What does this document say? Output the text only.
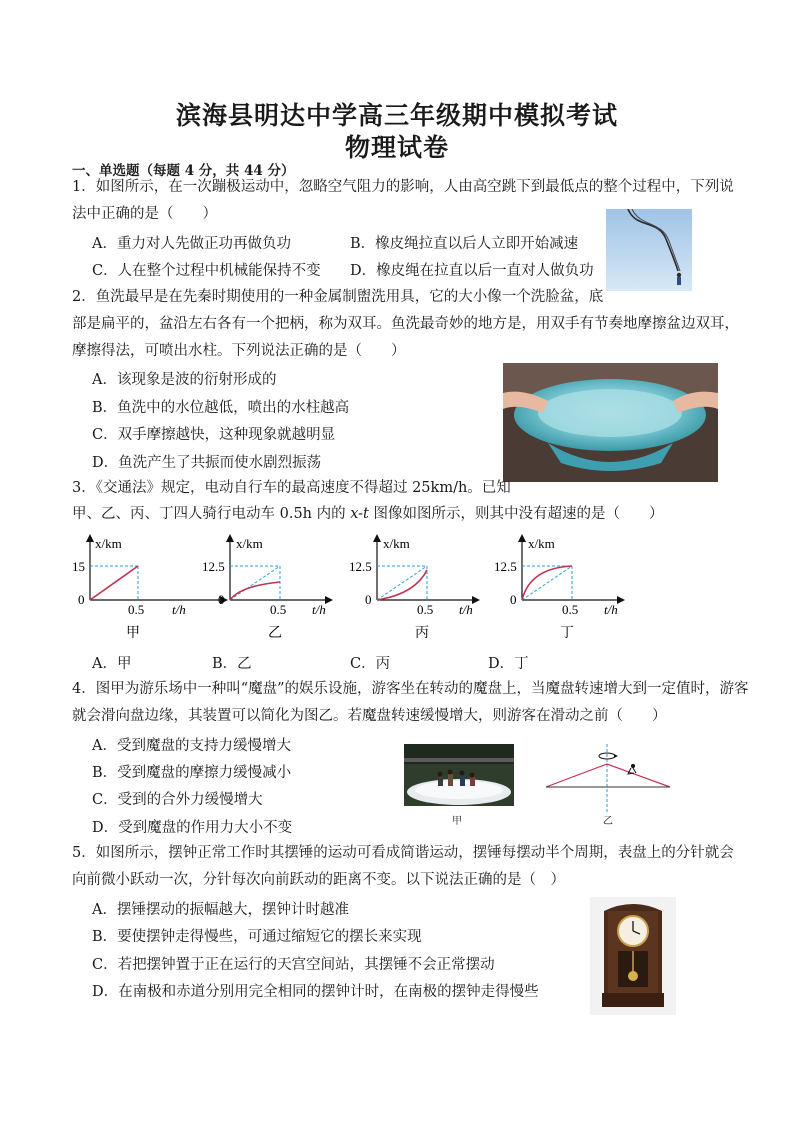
滨海县明达中学高三年级期中模拟考试
物理试卷
一、单选题（每题 4 分，共 44 分）
1．如图所示，在一次蹦极运动中，忽略空气阻力的影响，人由高空跳下到最低点的整个过程中，下列说
法中正确的是（　　）
A．重力对人先做正功再做负功	B．橡皮绳拉直以后人立即开始减速
C．人在整个过程中机械能保持不变 D．橡皮绳在拉直以后一直对人做负功
2．鱼洗最早是在先秦时期使用的一种金属制盥洗用具，它的大小像一个洗脸盆，底
部是扁平的，盆沿左右各有一个把柄，称为双耳。鱼洗最奇妙的地方是，用双手有节奏地摩擦盆边双耳，
摩擦得法，可喷出水柱。下列说法正确的是（　　）
A．该现象是波的衍射形成的
B．鱼洗中的水位越低，喷出的水柱越高
C．双手摩擦越快，这种现象就越明显
D．鱼洗产生了共振而使水剧烈振荡
3．《交通法》规定，电动自行车的最高速度不得超过 25km/h。已知
甲、乙、丙、丁四人骑行电动车 0.5h 内的 x-t 图像如图所示，则其中没有超速的是（　　）
x/km
15
0
0.5 t/h
甲
x/km
12.5
0
0.5 t/h
乙
x/km
12.5
0
0.5 t/h
丙
x/km
12.5
0
0.5 t/h
丁
A．甲	B．乙	C．丙	D．丁
4．图甲为游乐场中一种叫“魔盘”的娱乐设施，游客坐在转动的魔盘上，当魔盘转速增大到一定值时，游客
就会滑向盘边缘，其装置可以简化为图乙。若魔盘转速缓慢增大，则游客在滑动之前（　　）
A．受到魔盘的支持力缓慢增大
B．受到魔盘的摩擦力缓慢减小
C．受到的合外力缓慢增大
D．受到魔盘的作用力大小不变	甲	乙
5．如图所示，摆钟正常工作时其摆锤的运动可看成简谐运动，摆锤每摆动半个周期，表盘上的分针就会
向前微小跃动一次，分针每次向前跃动的距离不变。以下说法正确的是（　）
A．摆锤摆动的振幅越大，摆钟计时越准
B．要使摆钟走得慢些，可通过缩短它的摆长来实现
C．若把摆钟置于正在运行的天宫空间站，其摆锤不会正常摆动
D．在南极和赤道分别用完全相同的摆钟计时，在南极的摆钟走得慢些
